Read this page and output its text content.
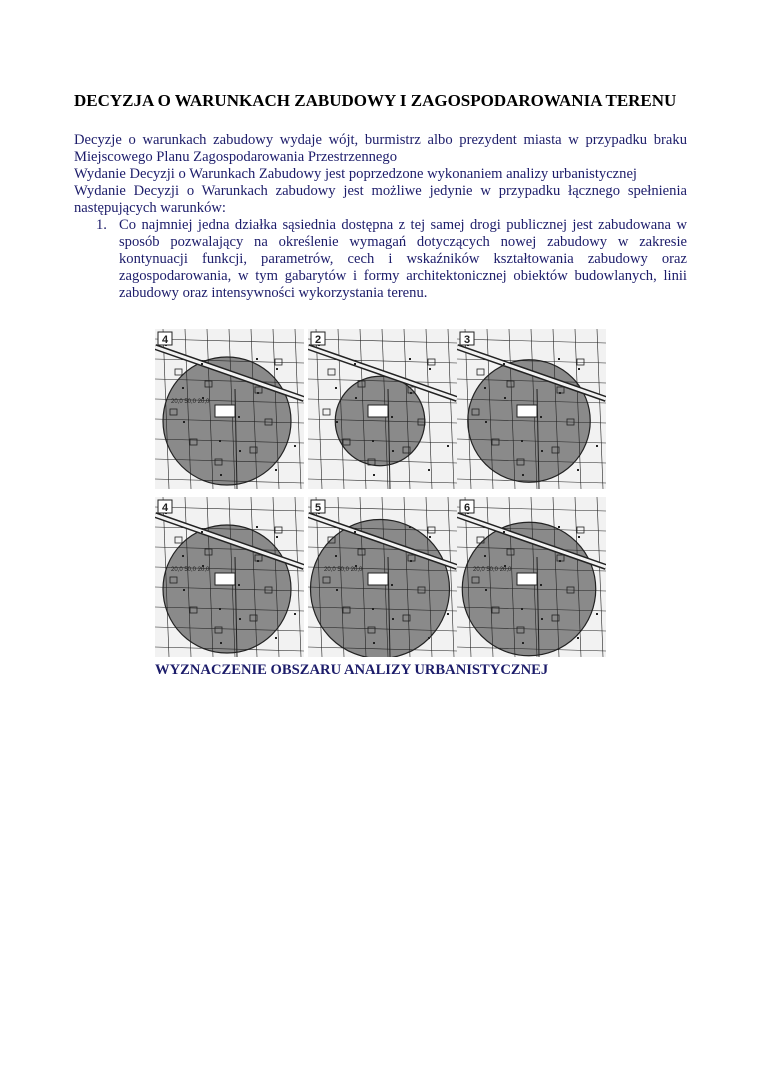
DECYZJA O WARUNKACH ZABUDOWY I ZAGOSPODAROWANIA TERENU

Decyzje o warunkach zabudowy wydaje wójt, burmistrz albo prezydent miasta w przypadku braku

Miejscowego Planu Zagospodarowania Przestrzennego

Wydanie Decyzji o Warunkach Zabudowy jest poprzedzone wykonaniem analizy urbanistycznej

Wydanie Decyzji o Warunkach zabudowy jest możliwe jedynie w przypadku łącznego spełnienia następujących warunków:

1. Co najmniej jedna działka sąsiednia dostępna z tej samej drogi publicznej jest zabudowana w sposób pozwalający na określenie wymagań dotyczących nowej zabudowy w zakresie kontynuacji funkcji, parametrów, cech i wskaźników kształtowania zabudowy oraz zagospodarowania, w tym gabarytów i formy architektonicznej obiektów budowlanych, linii zabudowy oraz intensywności wykorzystania terenu.
4
20,0 50,0 20,0
2	3
4
20,0 50,0 20,0
5
20,0 50,0 20,0
6
20,0 50,0 20,0
WYZNACZENIE OBSZARU ANALIZY URBANISTYCZNEJ
